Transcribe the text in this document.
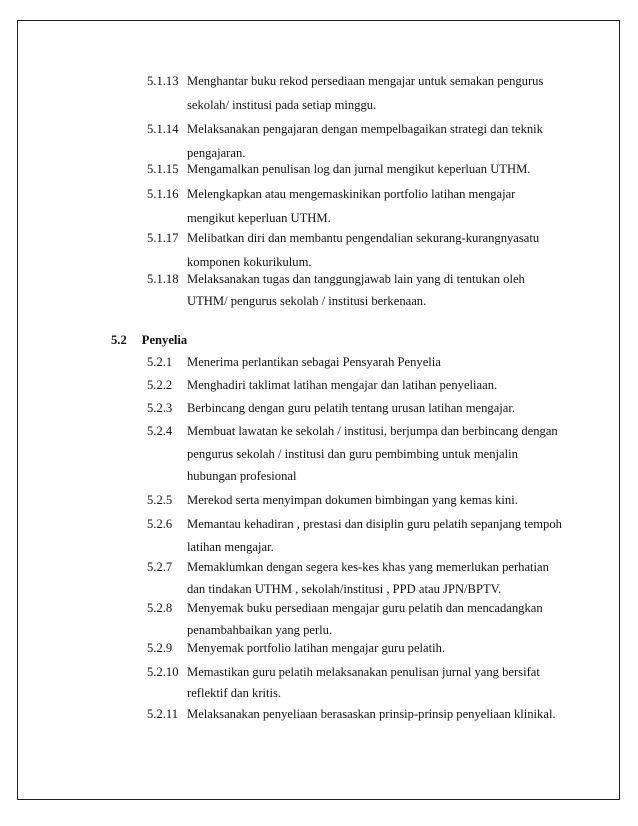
5.1.13 Menghantar buku rekod persediaan mengajar untuk semakan pengurus
sekolah/ institusi pada setiap minggu.
5.1.14 Melaksanakan pengajaran dengan mempelbagaikan strategi dan teknik
pengajaran.
5.1.15 Mengamalkan penulisan log dan jurnal mengikut keperluan UTHM.
5.1.16 Melengkapkan atau mengemaskinikan portfolio latihan mengajar
mengikut keperluan UTHM.
5.1.17 Melibatkan diri dan membantu pengendalian sekurang-kurangnyasatu
komponen kokurikulum.
5.1.18 Melaksanakan tugas dan tanggungjawab lain yang di tentukan oleh
UTHM/ pengurus sekolah / institusi berkenaan.
5.2 Penyelia
5.2.1 Menerima perlantikan sebagai Pensyarah Penyelia
5.2.2 Menghadiri taklimat latihan mengajar dan latihan penyeliaan.
5.2.3 Berbincang dengan guru pelatih tentang urusan latihan mengajar.
5.2.4 Membuat lawatan ke sekolah / institusi, berjumpa dan berbincang dengan
pengurus sekolah / institusi dan guru pembimbing untuk menjalin
hubungan profesional
5.2.5 Merekod serta menyimpan dokumen bimbingan yang kemas kini.
5.2.6 Memantau kehadiran , prestasi dan disiplin guru pelatih sepanjang tempoh
latihan mengajar.
5.2.7 Memaklumkan dengan segera kes-kes khas yang memerlukan perhatian
dan tindakan UTHM , sekolah/institusi , PPD atau JPN/BPTV.
5.2.8 Menyemak buku persediaan mengajar guru pelatih dan mencadangkan
penambahbaikan yang perlu.
5.2.9 Menyemak portfolio latihan mengajar guru pelatih.
5.2.10 Memastikan guru pelatih melaksanakan penulisan jurnal yang bersifat
reflektif dan kritis.
5.2.11 Melaksanakan penyeliaan berasaskan prinsip-prinsip penyeliaan klinikal.
